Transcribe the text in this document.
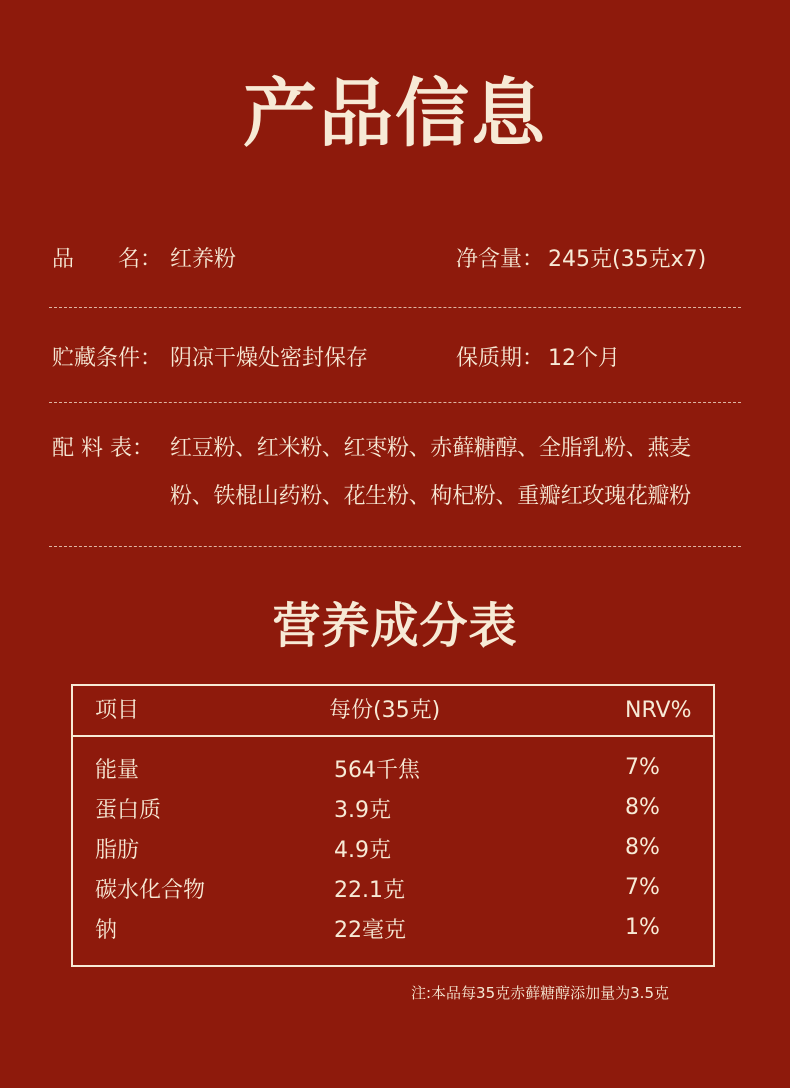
产品信息
品　　名： 红养粉	净含量： 245克(35克x7)
贮藏条件： 阴凉干燥处密封保存	保质期： 12个月
配 料 表： 红豆粉、红米粉、红枣粉、赤藓糖醇、全脂乳粉、燕麦
粉、铁棍山药粉、花生粉、枸杞粉、重瓣红玫瑰花瓣粉
营养成分表
项目	每份(35克)	NRV%
能量	564千焦	7%
蛋白质	3.9克	8%
脂肪	4.9克	8%
碳水化合物	22.1克	7%
钠	22毫克	1%
注:本品每35克赤藓糖醇添加量为3.5克
